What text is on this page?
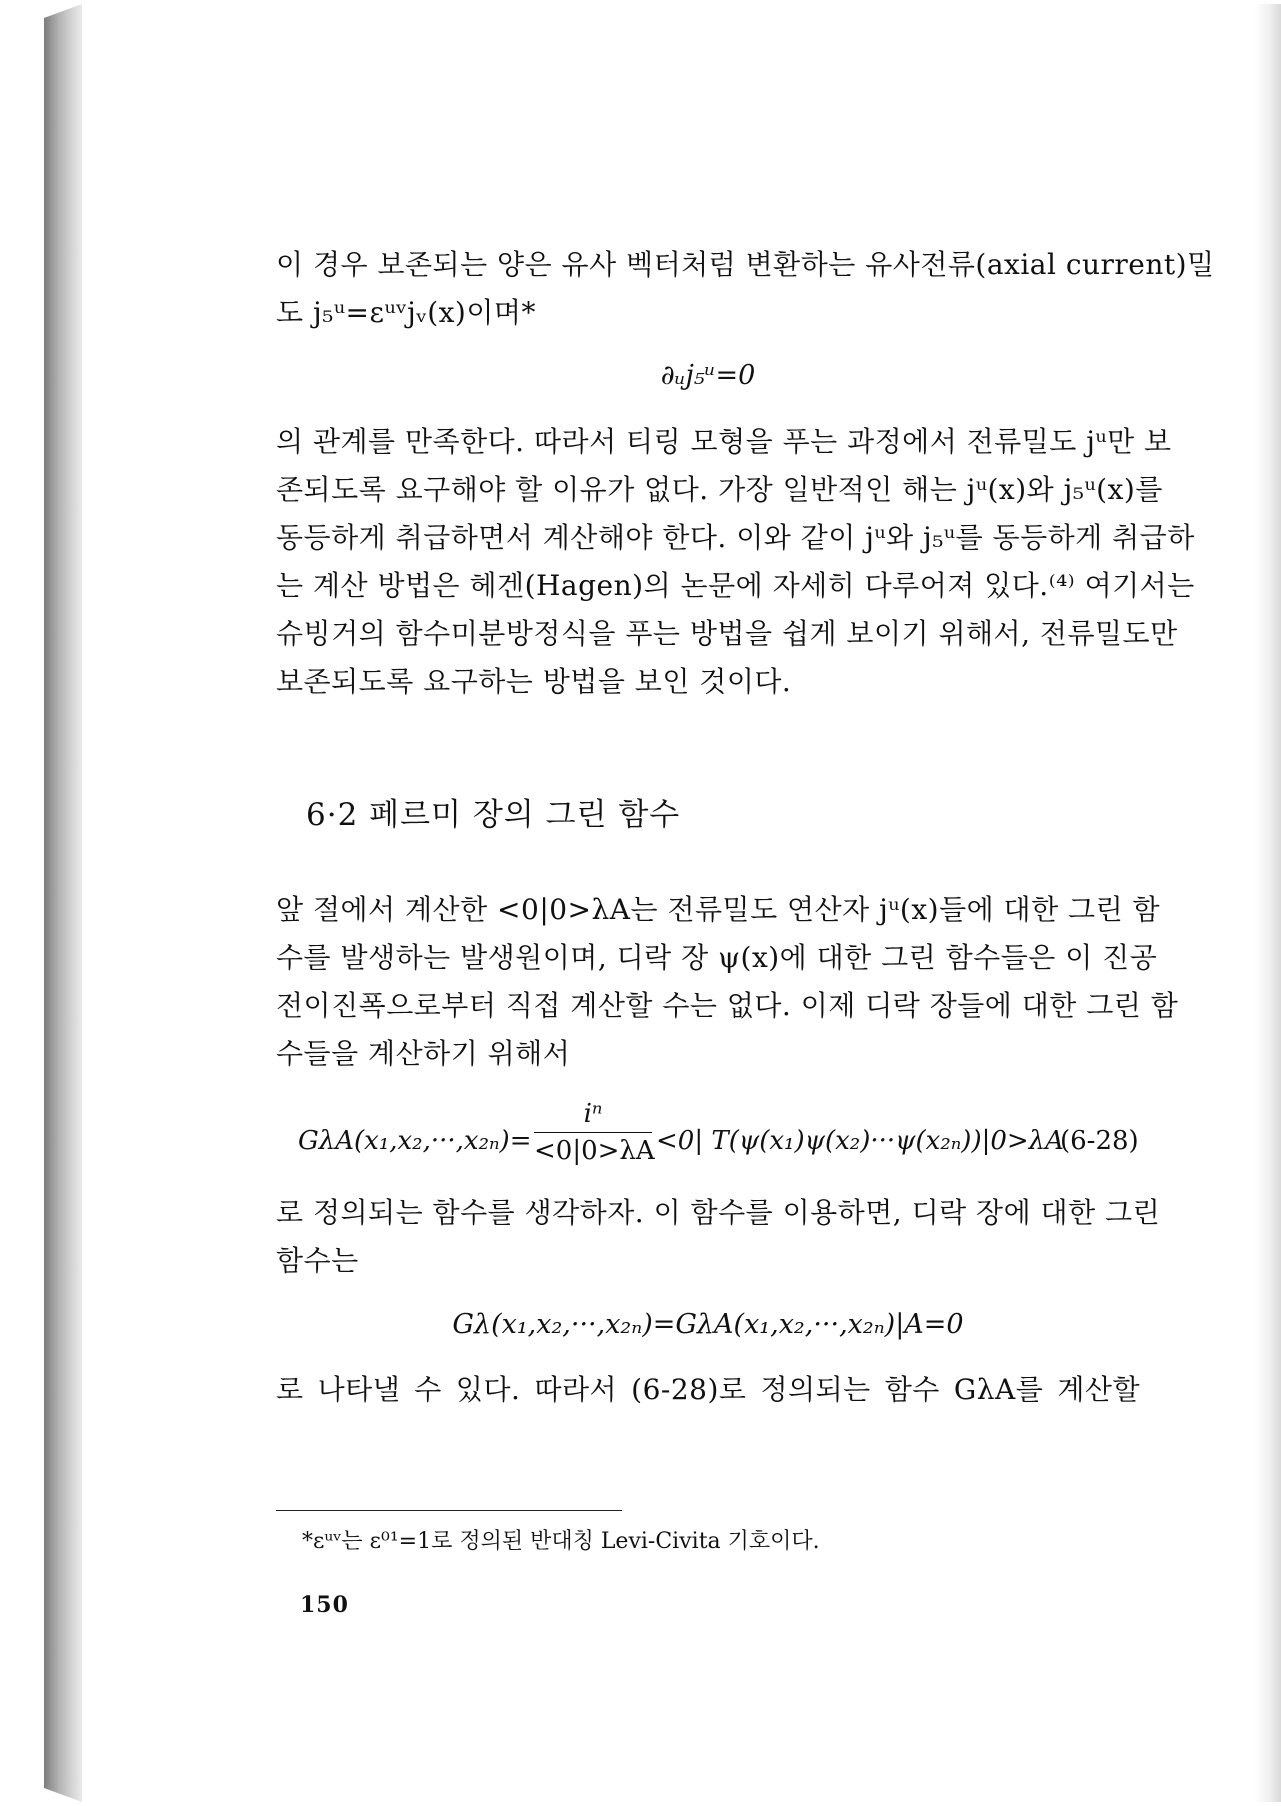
이 경우 보존되는 양은 유사 벡터처럼 변환하는 유사전류(axial current)밀
도 j₅ᵘ=εᵘᵛjᵥ(x)이며*
∂ᵤj₅ᵘ=0
의 관계를 만족한다. 따라서 티링 모형을 푸는 과정에서 전류밀도 jᵘ만 보
존되도록 요구해야 할 이유가 없다. 가장 일반적인 해는 jᵘ(x)와 j₅ᵘ(x)를
동등하게 취급하면서 계산해야 한다. 이와 같이 jᵘ와 j₅ᵘ를 동등하게 취급하
는 계산 방법은 헤겐(Hagen)의 논문에 자세히 다루어져 있다.⁽⁴⁾ 여기서는
슈빙거의 함수미분방정식을 푸는 방법을 쉽게 보이기 위해서, 전류밀도만
보존되도록 요구하는 방법을 보인 것이다.
6·2 페르미 장의 그린 함수
앞 절에서 계산한 <0|0>λA는 전류밀도 연산자 jᵘ(x)들에 대한 그린 함
수를 발생하는 발생원이며, 디락 장 ψ(x)에 대한 그린 함수들은 이 진공
전이진폭으로부터 직접 계산할 수는 없다. 이제 디락 장들에 대한 그린 함
수들을 계산하기 위해서
GλA(x₁,x₂,···,x₂ₙ)=
iⁿ
<0|0>λA <0| T(ψ(x₁)ψ(x₂)···ψ(x₂ₙ))|0>λA
(6-28)
로 정의되는 함수를 생각하자. 이 함수를 이용하면, 디락 장에 대한 그린
함수는
Gλ(x₁,x₂,···,x₂ₙ)=GλA(x₁,x₂,···,x₂ₙ)|A=0
로 나타낼 수 있다. 따라서 (6-28)로 정의되는 함수 GλA를 계산할
*εᵘᵛ는 ε⁰¹=1로 정의된 반대칭 Levi-Civita 기호이다.
150
